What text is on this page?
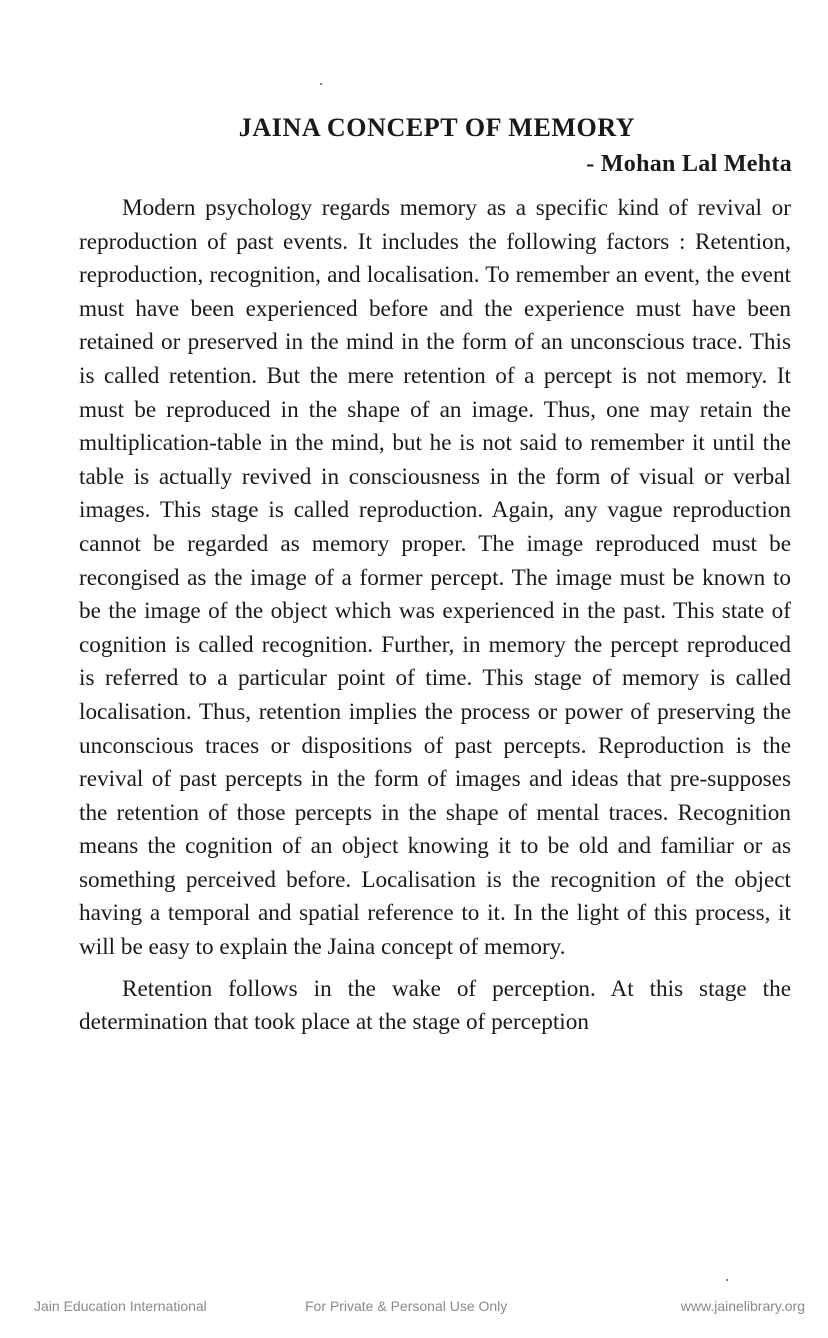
JAINA CONCEPT OF MEMORY

- Mohan Lal Mehta

Modern psychology regards memory as a specific kind of revival or reproduction of past events. It includes the following factors : Retention, reproduction, recognition, and localisation. To remember an event, the event must have been experienced before and the experience must have been retained or preserved in the mind in the form of an unconscious trace. This is called retention. But the mere retention of a percept is not memory. It must be reproduced in the shape of an image. Thus, one may retain the multiplication-table in the mind, but he is not said to remember it until the table is actually revived in consciousness in the form of visual or verbal images. This stage is called reproduction. Again, any vague reproduction cannot be regarded as memory proper. The image reproduced must be recongised as the image of a former percept. The image must be known to be the image of the object which was experienced in the past. This state of cognition is called recognition. Further, in memory the percept reproduced is referred to a particular point of time. This stage of memory is called localisation. Thus, retention implies the process or power of preserving the unconscious traces or dispositions of past percepts. Reproduction is the revival of past percepts in the form of images and ideas that pre-supposes the retention of those percepts in the shape of mental traces. Recognition means the cognition of an object knowing it to be old and familiar or as something perceived before. Localisation is the recognition of the object having a temporal and spatial reference to it. In the light of this process, it will be easy to explain the Jaina concept of memory.

Retention follows in the wake of perception. At this stage the determination that took place at the stage of perception

Jain Education International	For Private & Personal Use Only	www.jainelibrary.org
